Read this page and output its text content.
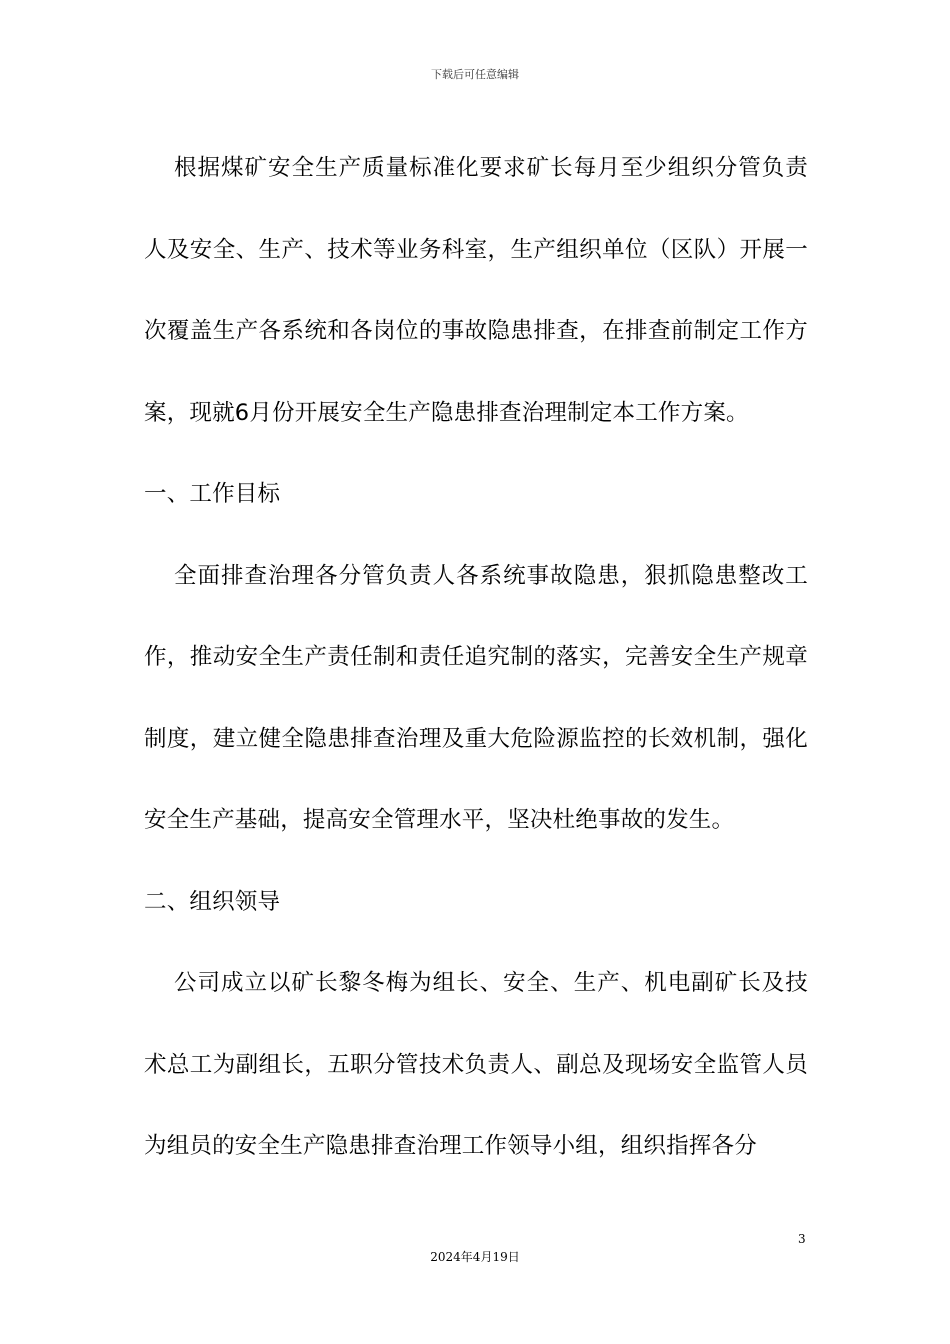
下载后可任意编辑

根据煤矿安全生产质量标准化要求矿长每月至少组织分管负责人及安全、生产、技术等业务科室，生产组织单位（区队）开展一次覆盖生产各系统和各岗位的事故隐患排查，在排查前制定工作方案，现就6月份开展安全生产隐患排查治理制定本工作方案。

一、工作目标

全面排查治理各分管负责人各系统事故隐患，狠抓隐患整改工作，推动安全生产责任制和责任追究制的落实，完善安全生产规章制度，建立健全隐患排查治理及重大危险源监控的长效机制，强化安全生产基础，提高安全管理水平，坚决杜绝事故的发生。

二、组织领导

公司成立以矿长黎冬梅为组长、安全、生产、机电副矿长及技术总工为副组长，五职分管技术负责人、副总及现场安全监管人员为组员的安全生产隐患排查治理工作领导小组，组织指挥各分

3
2024年4月19日
